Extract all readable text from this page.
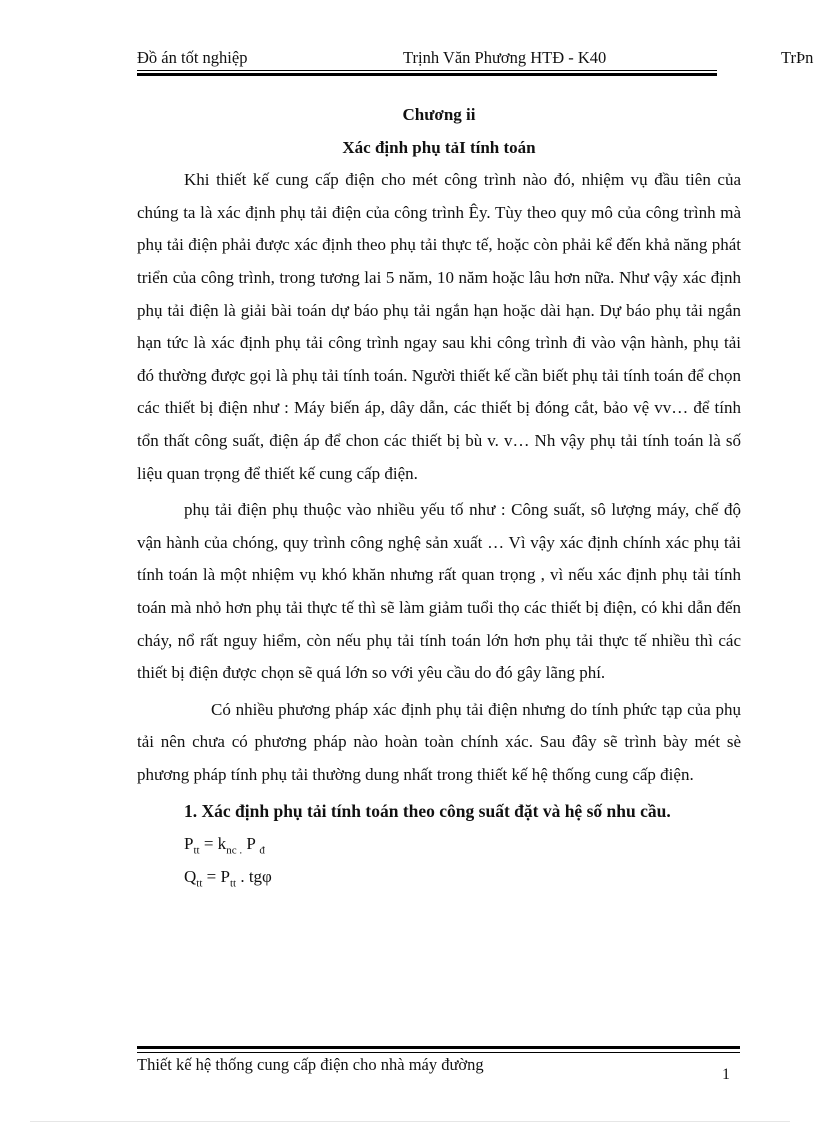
Đồ án tốt nghiệp	Trịnh Văn Phương HTĐ - K40	TrÞn

Chương ii

Xác định phụ tảI tính toán

Khi thiết kế cung cấp điện cho mét công trình nào đó, nhiệm vụ đầu tiên của chúng ta là xác định phụ tải điện của công trình Êy. Tùy theo quy mô của công trình mà phụ tải điện phải được xác định theo phụ tải thực tế, hoặc còn phải kể đến khả năng phát triển của công trình, trong tương lai 5 năm, 10 năm hoặc lâu hơn nữa. Như vậy xác định phụ tải điện là giải bài toán dự báo phụ tải ngắn hạn hoặc dài hạn. Dự báo phụ tải ngắn hạn tức là xác định phụ tải công trình ngay sau khi công trình đi vào vận hành, phụ tải đó thường được gọi là phụ tải tính toán. Người thiết kế cần biết phụ tải tính toán để chọn các thiết bị điện như : Máy biến áp, dây dẫn, các thiết bị đóng cắt, bảo vệ vv… để tính tổn thất công suất, điện áp để chon các thiết bị bù v. v… Nh vậy phụ tải tính toán là số liệu quan trọng để thiết kế cung cấp điện.

phụ tải điện phụ thuộc vào nhiều yếu tố như : Công suất, sô lượng máy, chế độ vận hành của chóng, quy trình công nghệ sản xuất … Vì vậy xác định chính xác phụ tải tính toán là một nhiệm vụ khó khăn nhưng rất quan trọng , vì nếu xác định phụ tải tính toán mà nhỏ hơn phụ tải thực tế thì sẽ làm giảm tuổi thọ các thiết bị điện, có khi dẫn đến cháy, nổ rất nguy hiểm, còn nếu phụ tải tính toán lớn hơn phụ tải thực tế nhiều thì các thiết bị điện được chọn sẽ quá lớn so với yêu cầu do đó gây lãng phí.

Có nhiều phương pháp xác định phụ tải điện nhưng do tính phức tạp của phụ tải nên chưa có phương pháp nào hoàn toàn chính xác. Sau đây sẽ trình bày mét sè phương pháp tính phụ tải thường dung nhất trong thiết kế hệ thống cung cấp điện.

1. Xác định phụ tải tính toán theo công suất đặt và hệ số nhu cầu.

$P_{tt} = k_{nc .}$ P $_đ$

$Q_{tt} = P_{tt}$ . tgφ

Thiết kế hệ thống cung cấp điện cho nhà máy đường
1
